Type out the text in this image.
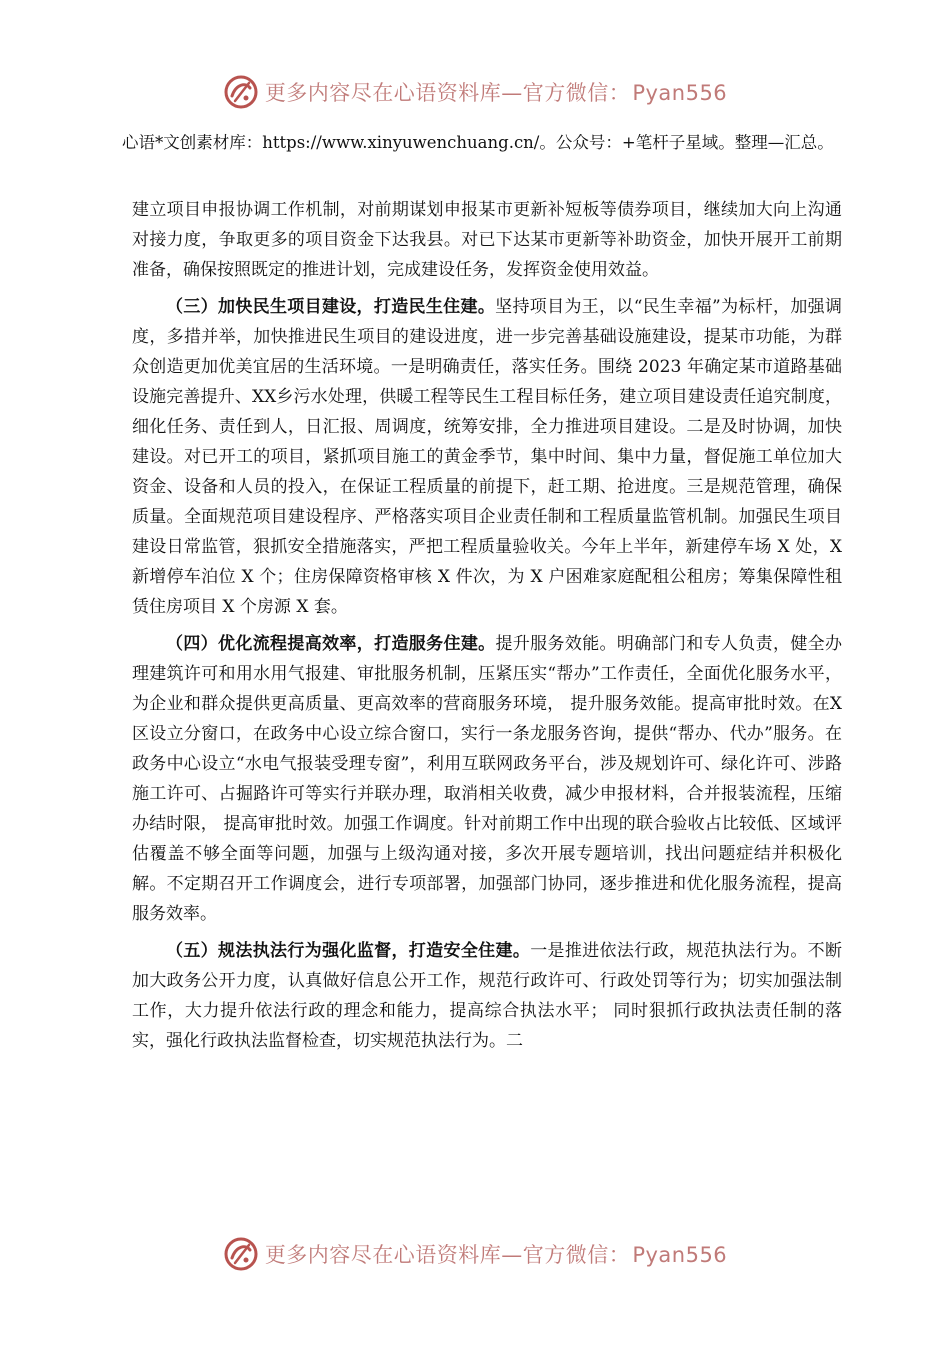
更多内容尽在心语资料库—官方微信：Pyan556

心语*文创素材库：https://www.xinyuwenchuang.cn/。公众号：+笔杆子星域。整理—汇总。

建立项目申报协调工作机制，对前期谋划申报某市更新补短板等债券项目，继续加大向上沟通对接力度，争取更多的项目资金下达我县。对已下达某市更新等补助资金，加快开展开工前期准备，确保按照既定的推进计划，完成建设任务，发挥资金使用效益。

（三）加快民生项目建设，打造民生住建。坚持项目为王，以“民生幸福”为标杆，加强调度，多措并举，加快推进民生项目的建设进度，进一步完善基础设施建设，提某市功能，为群众创造更加优美宜居的生活环境。一是明确责任，落实任务。围绕 2023 年确定某市道路基础设施完善提升、XX乡污水处理，供暖工程等民生工程目标任务，建立项目建设责任追究制度，细化任务、责任到人，日汇报、周调度，统筹安排，全力推进项目建设。二是及时协调，加快建设。对已开工的项目，紧抓项目施工的黄金季节，集中时间、集中力量，督促施工单位加大资金、设备和人员的投入，在保证工程质量的前提下，赶工期、抢进度。三是规范管理，确保质量。全面规范项目建设程序、严格落实项目企业责任制和工程质量监管机制。加强民生项目建设日常监管，狠抓安全措施落实，严把工程质量验收关。今年上半年，新建停车场 X 处，X 新增停车泊位 X 个；住房保障资格审核 X 件次，为 X 户困难家庭配租公租房；筹集保障性租赁住房项目 X 个房源 X 套。

（四）优化流程提高效率，打造服务住建。提升服务效能。明确部门和专人负责，健全办理建筑许可和用水用气报建、审批服务机制，压紧压实“帮办”工作责任，全面优化服务水平，为企业和群众提供更高质量、更高效率的营商服务环境， 提升服务效能。提高审批时效。在X区设立分窗口，在政务中心设立综合窗口，实行一条龙服务咨询，提供“帮办、代办”服务。在政务中心设立“水电气报装受理专窗”，利用互联网政务平台，涉及规划许可、绿化许可、涉路施工许可、占掘路许可等实行并联办理，取消相关收费，减少申报材料，合并报装流程，压缩办结时限， 提高审批时效。加强工作调度。针对前期工作中出现的联合验收占比较低、区域评估覆盖不够全面等问题，加强与上级沟通对接，多次开展专题培训，找出问题症结并积极化解。不定期召开工作调度会，进行专项部署，加强部门协同，逐步推进和优化服务流程，提高服务效率。

（五）规法执法行为强化监督，打造安全住建。一是推进依法行政，规范执法行为。不断加大政务公开力度，认真做好信息公开工作，规范行政许可、行政处罚等行为；切实加强法制工作，大力提升依法行政的理念和能力，提高综合执法水平； 同时狠抓行政执法责任制的落实，强化行政执法监督检查，切实规范执法行为。二

更多内容尽在心语资料库—官方微信：Pyan556
